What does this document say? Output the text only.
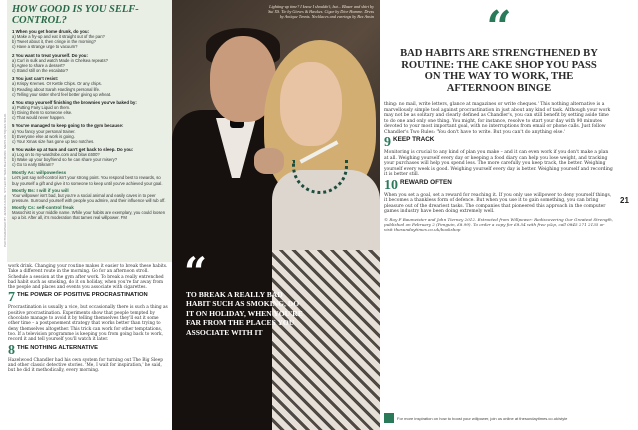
PHOTOGRAPHED BY JESSICA KANE. STYLED BY TERA BLEYMANN. MEN'S ANTIQUES SOHO.
HOW GOOD IS YOU SELF-CONTROL?
1 When you get home drunk, do you:
a) Make a fry-up and eat it straight out of the pan?
b) Tweet about it, then cringe in the morning?
c) Have a strange urge to vacuum?
2 You want to treat yourself. Do you:
a) Curl in sulk and watch Made in Chelsea repeats?
b) Agree to share a dessert?
c) Stand still on the escalator?
3 You just can't resist:
a) Krispy Kremes. Or Kettle Chips. Or any chips.
b) Reading about Sarah Harding's personal life.
c) Telling your sister she'd feel better giving up wheat.
4 You stop yourself finishing the brownies you've baked by:
a) Putting Fairy Liquid on them.
b) Giving them to someone else.
c) That would never happen.
5 You've managed to keep going to the gym because:
a) You fancy your personal trainer.
b) Everyone else at work is going.
c) Your Xmas size has gone up two notches.
6 You wake up at 5am and can't get back to sleep. Do you:
a) Log on to my-wardrobe.com and blow £600?
b) Wake up your boyfriend so he can share your misery?
c) Go to early Bikram?
Mostly As: willpowerless
Let's just say self-control isn't your strong point. You respond best to rewards, so buy yourself a gift and give it to someone to keep until you've achieved your goal.
Mostly Bs: I will if you will
Your willpower isn't bad, but you're a social animal and easily caves in to peer pressure. Surround yourself with people you admire, and their influence will rub off.
Mostly Cs: self-control freak
Masochist is your middle name. While your habits are exemplary, you could loosen up a bit. After all, it's moderation that tames real willpower. FM
Lighting-up time? I know I shouldn't, but... Blazer and shirt by Sui XS. Tie by Gieves & Hawkes. Cigar by Dior Homme. Dress by Antique Tennis. Necklaces and earrings by Bex Ansin
“
TO BREAK A REALLY BAD HABIT SUCH AS SMOKING, DO IT ON HOLIDAY, WHEN YOU'RE FAR FROM THE PLACES YOU ASSOCIATE WITH IT

work drink. Changing your routine makes it easier to break these habits. Take a different route in the morning. Go for an afternoon stroll. Schedule a session at the gym after work. To break a really entrenched bad habit such as smoking, do it on holiday, when you're far away from the people and places and events you associate with cigarettes.

7 THE POWER OF POSITIVE PROCRASTINATION

Procrastination is usually a vice, but occasionally there is such a thing as positive procrastination. Experiments show that people tempted by chocolate manage to avoid it by telling themselves they'll eat it some other time – a postponement strategy that works better than trying to deny themselves altogether. This trick can work for other temptations, too. If a television programme is keeping you from going back to work, record it and tell yourself you'll watch it later.

8 THE NOTHING ALTERNATIVE

Hazelwood Chandler had his own system for turning out The Big Sleep and other classic detective stories. 'Me, I wait for inspiration,' he said, but he did it methodically, every morning.

“
BAD HABITS ARE STRENGTHENED BY ROUTINE: THE CAKE SHOP YOU PASS ON THE WAY TO WORK, THE AFTERNOON BINGE

thing: no mail, write letters, glance at magazines or write cheques.' This nothing alternative is a marvellously simple tool against procrastination in just about any kind of task. Although your work may not be as solitary and clearly defined as Chandler's, you can still benefit by setting aside time to do one and only one thing. You might, for instance, resolve to start your day with 90 minutes devoted to your most important goal, with no interruptions from email or phone calls. Just follow Chandler's Two Rules: 'You don't have to write. But you can't do anything else.'

9 KEEP TRACK

Monitoring is crucial to any kind of plan you make – and it can even work if you don't make a plan at all. Weighing yourself every day or keeping a food diary can help you lose weight, and tracking your purchases will help you spend less. The more carefully you keep track, the better. Weighing yourself every week is good. Weighing yourself every day is better. Weighing yourself and recording it is better still.

10 REWARD OFTEN

When you set a goal, set a reward for reaching it. If you only use willpower to deny yourself things, it becomes a thankless form of defence. But when you use it to gain something, you can bring pleasure out of the dreariest tasks. The companies that pioneered this approach in the computer games industry have been doing extremely well.

© Roy F Baumeister and John Tierney 2012. Extracted from Willpower: Rediscovering Our Greatest Strength, published on February 2 (Penguin, £8.99). To order a copy for £8.54 with free p&p, call 0845 271 2135 or visit thesundaytimes.co.uk/bookshop

For more inspiration on how to boost your willpower, join us online at thesundaytimes.co.uk/style
21
